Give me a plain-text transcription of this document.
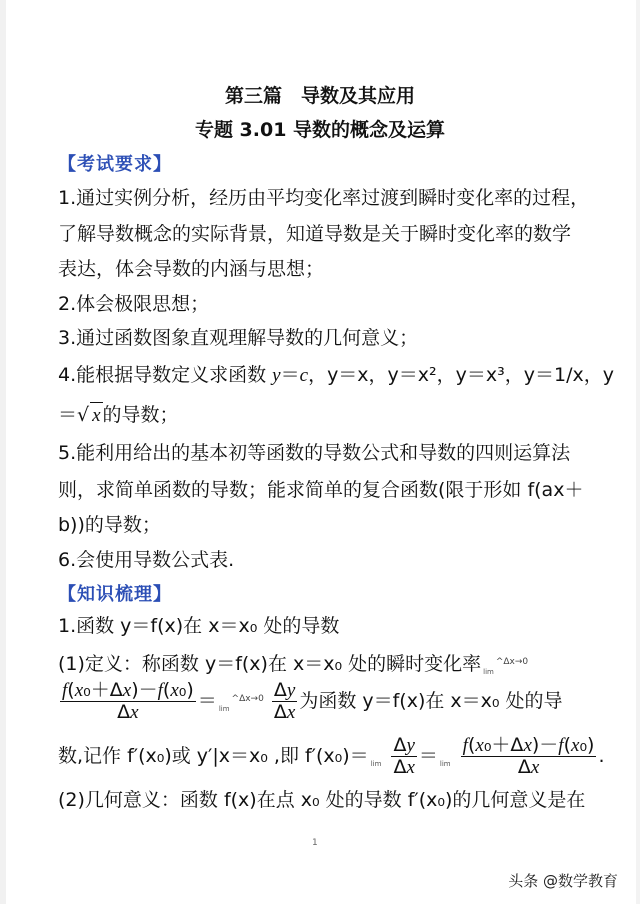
第三篇　导数及其应用
专题 3.01 导数的概念及运算
【考试要求】
1.通过实例分析，经历由平均变化率过渡到瞬时变化率的过程，
了解导数概念的实际背景，知道导数是关于瞬时变化率的数学
表达，体会导数的内涵与思想；
2.体会极限思想；
3.通过函数图象直观理解导数的几何意义；
4.能根据导数定义求函数 y＝c，y＝x，y＝x²，y＝x³，y＝1/x，y
＝√ x 的导数；
5.能利用给出的基本初等函数的导数公式和导数的四则运算法
则，求简单函数的导数；能求简单的复合函数(限于形如 f(ax＋
b))的导数；
6.会使用导数公式表.
【知识梳理】
1.函数 y＝f(x)在 x＝x₀ 处的导数
(1)定义：称函数 y＝f(x)在 x＝x₀ 处的瞬时变化率 $_{lim}^{\^{}\Delta x\to 0}$
$\frac{\text{f(x₀＋Δx)－f(x₀)}}{\Delta x} = _{lim}^{\^{}\Delta x\to 0} \frac{\Delta y}{\Delta x}$ 为函数 y＝f(x)在 x＝x₀ 处的导
数,记作 f′(x₀)或 y′|x＝x₀ ,即 $f'(x_0)= _{lim} \frac{\Delta y}{\Delta x} = _{lim} \frac{\text{f(x₀＋Δx)－f(x₀)}}{\Delta x}$ .
(2)几何意义：函数 f(x)在点 x₀ 处的导数 f′(x₀)的几何意义是在
1
头条 @数学教育
